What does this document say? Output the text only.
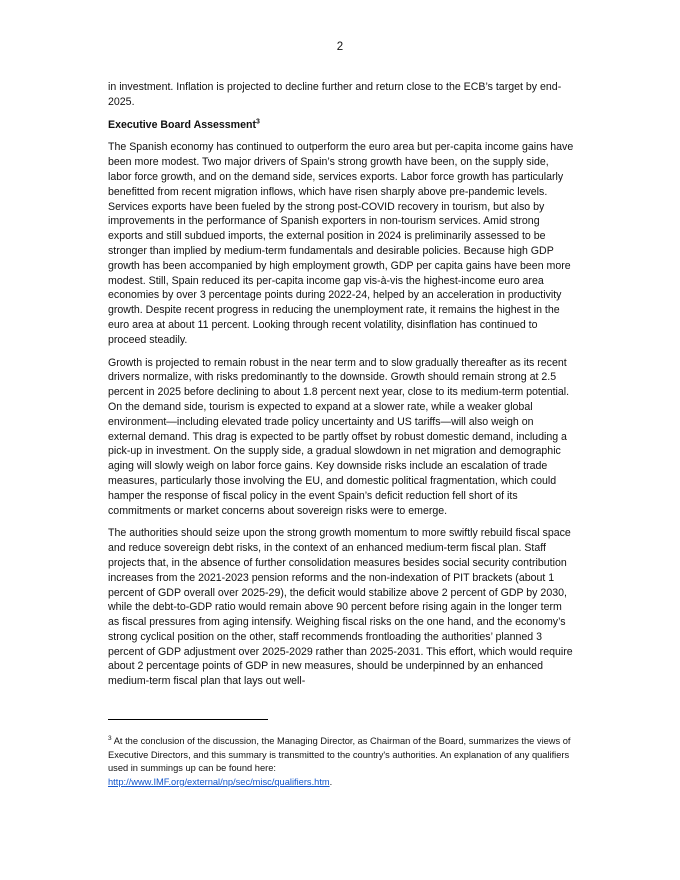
2

in investment. Inflation is projected to decline further and return close to the ECB’s target by end-2025.

Executive Board Assessment$^3$

The Spanish economy has continued to outperform the euro area but per-capita income gains have been more modest. Two major drivers of Spain’s strong growth have been, on the supply side, labor force growth, and on the demand side, services exports. Labor force growth has particularly benefitted from recent migration inflows, which have risen sharply above pre-pandemic levels. Services exports have been fueled by the strong post-COVID recovery in tourism, but also by improvements in the performance of Spanish exporters in non-tourism services. Amid strong exports and still subdued imports, the external position in 2024 is preliminarily assessed to be stronger than implied by medium-term fundamentals and desirable policies. Because high GDP growth has been accompanied by high employment growth, GDP per capita gains have been more modest. Still, Spain reduced its per-capita income gap vis-à-vis the highest-income euro area economies by over 3 percentage points during 2022-24, helped by an acceleration in productivity growth. Despite recent progress in reducing the unemployment rate, it remains the highest in the euro area at about 11 percent. Looking through recent volatility, disinflation has continued to proceed steadily.

Growth is projected to remain robust in the near term and to slow gradually thereafter as its recent drivers normalize, with risks predominantly to the downside. Growth should remain strong at 2.5 percent in 2025 before declining to about 1.8 percent next year, close to its medium-term potential. On the demand side, tourism is expected to expand at a slower rate, while a weaker global environment—including elevated trade policy uncertainty and US tariffs—will also weigh on external demand. This drag is expected to be partly offset by robust domestic demand, including a pick-up in investment. On the supply side, a gradual slowdown in net migration and demographic aging will slowly weigh on labor force gains. Key downside risks include an escalation of trade measures, particularly those involving the EU, and domestic political fragmentation, which could hamper the response of fiscal policy in the event Spain’s deficit reduction fell short of its commitments or market concerns about sovereign risks were to emerge.

The authorities should seize upon the strong growth momentum to more swiftly rebuild fiscal space and reduce sovereign debt risks, in the context of an enhanced medium-term fiscal plan. Staff projects that, in the absence of further consolidation measures besides social security contribution increases from the 2021-2023 pension reforms and the non-indexation of PIT brackets (about 1 percent of GDP overall over 2025-29), the deficit would stabilize above 2 percent of GDP by 2030, while the debt-to-GDP ratio would remain above 90 percent before rising again in the longer term as fiscal pressures from aging intensify. Weighing fiscal risks on the one hand, and the economy’s strong cyclical position on the other, staff recommends frontloading the authorities’ planned 3 percent of GDP adjustment over 2025-2029 rather than 2025-2031. This effort, which would require about 2 percentage points of GDP in new measures, should be underpinned by an enhanced medium-term fiscal plan that lays out well-

$^3$ At the conclusion of the discussion, the Managing Director, as Chairman of the Board, summarizes the views of Executive Directors, and this summary is transmitted to the country's authorities. An explanation of any qualifiers used in summings up can be found here:
http://www.IMF.org/external/np/sec/misc/qualifiers.htm.
